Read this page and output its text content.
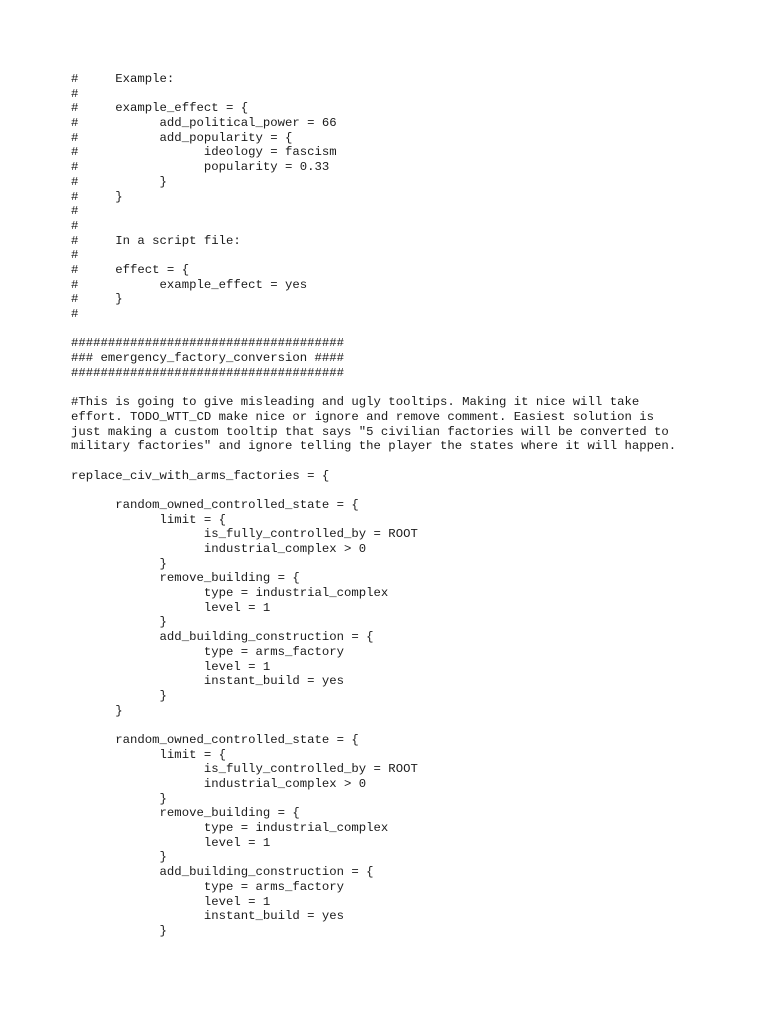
#     Example:
#
#     example_effect = {
#           add_political_power = 66
#           add_popularity = {
#                 ideology = fascism
#                 popularity = 0.33
#           }
#     }
#
#
#     In a script file:
#
#     effect = {
#           example_effect = yes
#     }
#
#####################################
### emergency_factory_conversion ####
#####################################
#This is going to give misleading and ugly tooltips. Making it nice will take
effort. TODO_WTT_CD make nice or ignore and remove comment. Easiest solution is
just making a custom tooltip that says "5 civilian factories will be converted to
military factories" and ignore telling the player the states where it will happen.
replace_civ_with_arms_factories = {
random_owned_controlled_state = {
limit = {
is_fully_controlled_by = ROOT
industrial_complex > 0
}
remove_building = {
type = industrial_complex
level = 1
}
add_building_construction = {
type = arms_factory
level = 1
instant_build = yes
}
}
random_owned_controlled_state = {
limit = {
is_fully_controlled_by = ROOT
industrial_complex > 0
}
remove_building = {
type = industrial_complex
level = 1
}
add_building_construction = {
type = arms_factory
level = 1
instant_build = yes
}
